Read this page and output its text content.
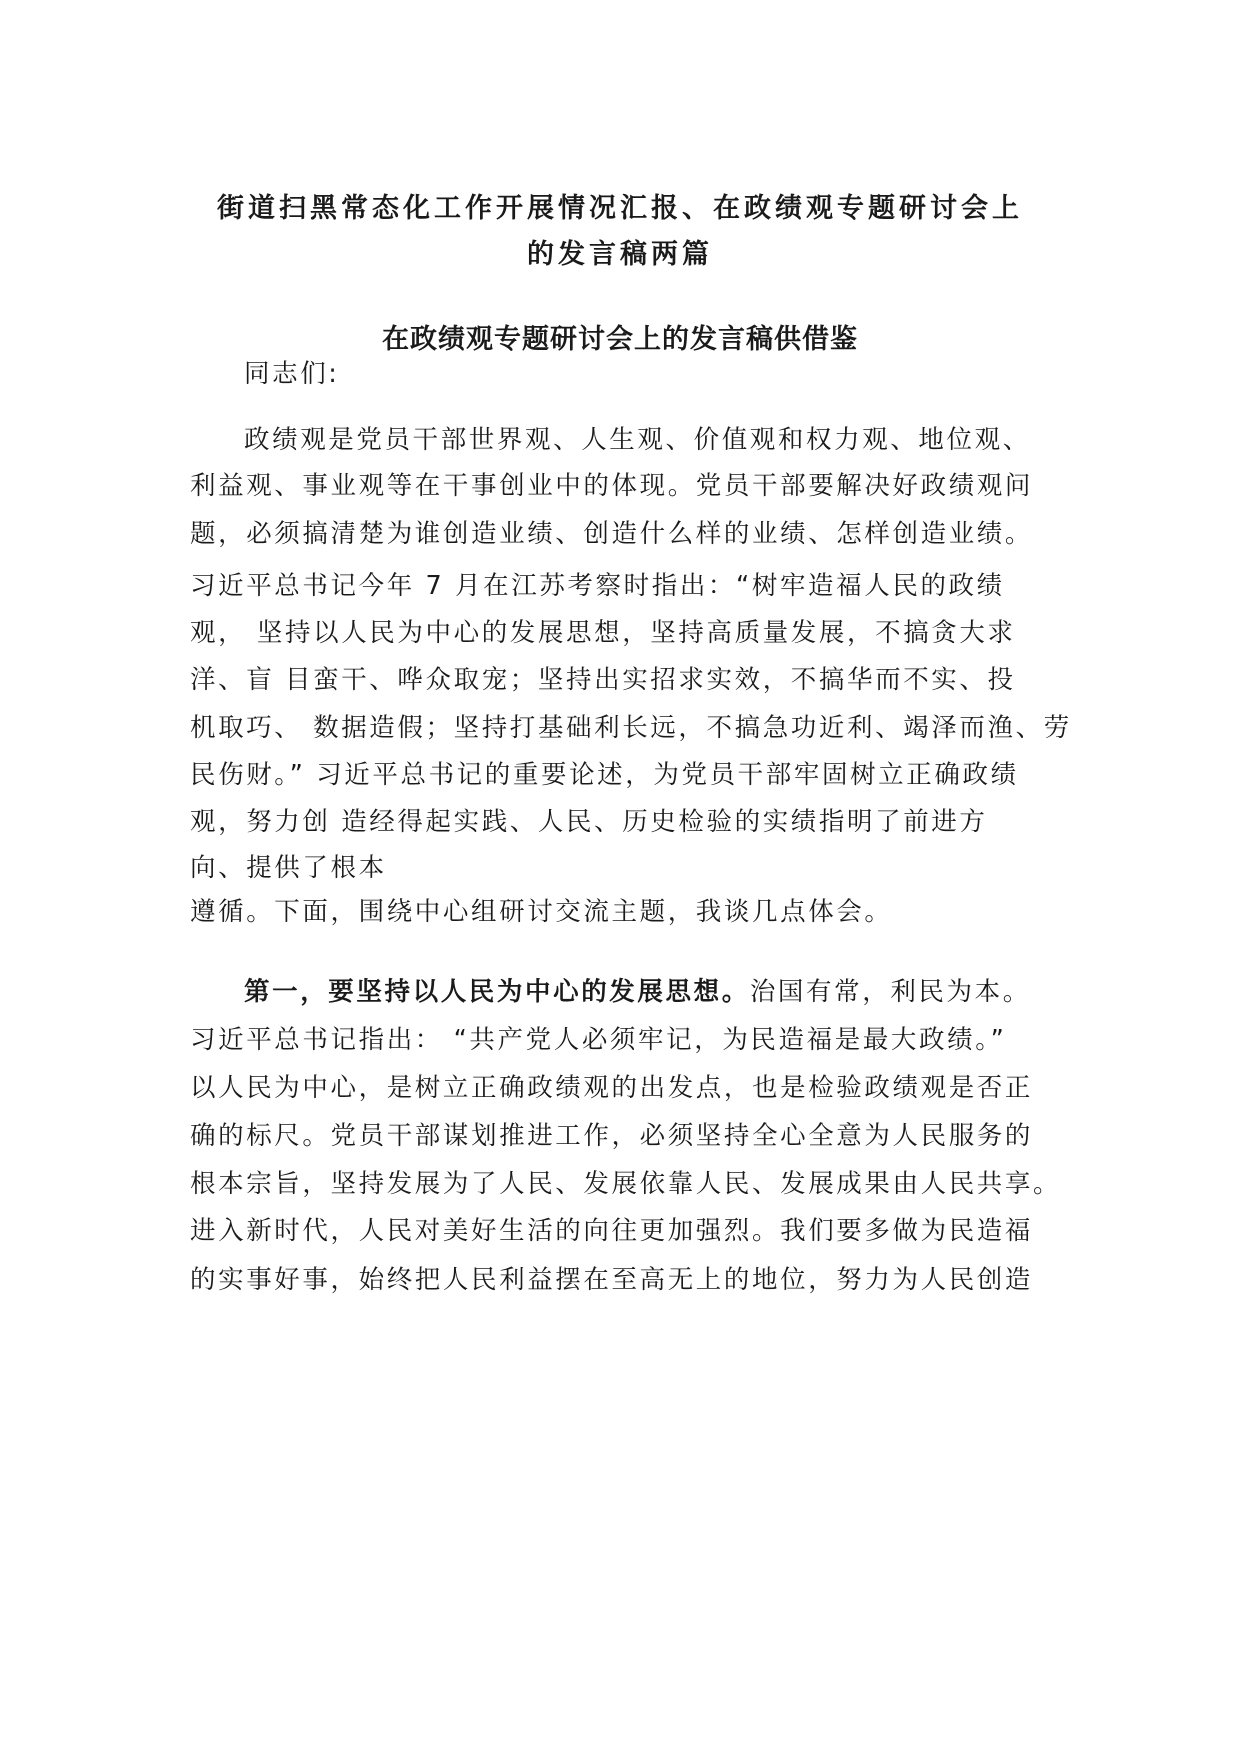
街道扫黑常态化工作开展情况汇报、在政绩观专题研讨会上
的发言稿两篇

在政绩观专题研讨会上的发言稿供借鉴

同志们:
政绩观是党员干部世界观、人生观、价值观和权力观、地位观、
利益观、事业观等在干事创业中的体现。党员干部要解决好政绩观问
题，必须搞清楚为谁创造业绩、创造什么样的业绩、怎样创造业绩。
习近平总书记今年 7 月在江苏考察时指出：“树牢造福人民的政绩
观， 坚持以人民为中心的发展思想，坚持高质量发展，不搞贪大求
洋、盲 目蛮干、哗众取宠；坚持出实招求实效，不搞华而不实、投
机取巧、 数据造假；坚持打基础利长远，不搞急功近利、竭泽而渔、劳
民伤财。” 习近平总书记的重要论述，为党员干部牢固树立正确政绩
观，努力创 造经得起实践、人民、历史检验的实绩指明了前进方
向、提供了根本
遵循。下面，围绕中心组研讨交流主题，我谈几点体会。
第一，要坚持以人民为中心的发展思想。治国有常，利民为本。
习近平总书记指出： “共产党人必须牢记，为民造福是最大政绩。”
以人民为中心，是树立正确政绩观的出发点，也是检验政绩观是否正
确的标尺。党员干部谋划推进工作，必须坚持全心全意为人民服务的
根本宗旨，坚持发展为了人民、发展依靠人民、发展成果由人民共享。
进入新时代，人民对美好生活的向往更加强烈。我们要多做为民造福
的实事好事，始终把人民利益摆在至高无上的地位，努力为人民创造
